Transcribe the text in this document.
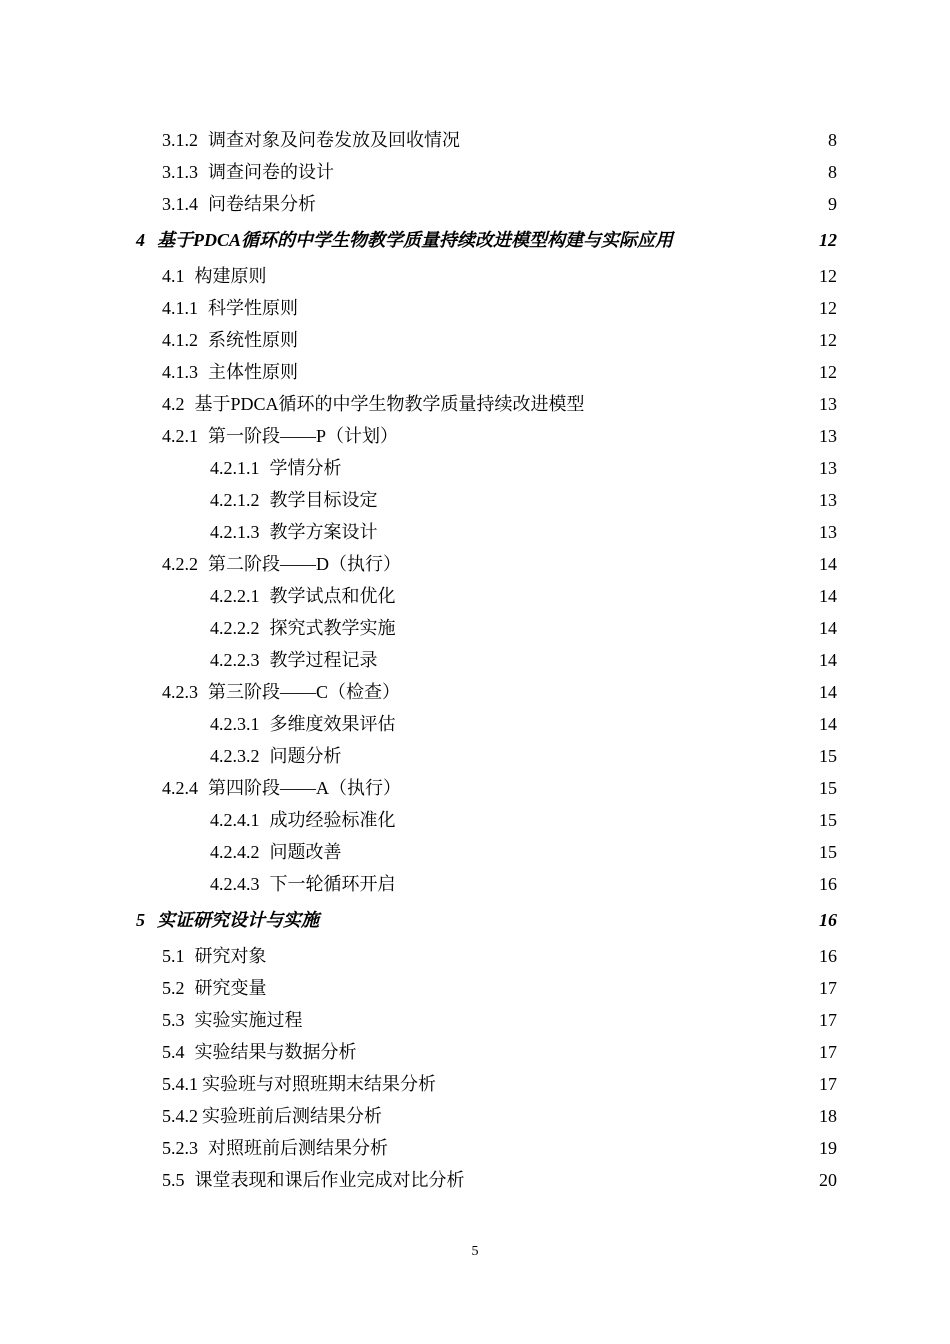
3.1.2 调查对象及问卷发放及回收情况	8
3.1.3 调查问卷的设计	8
3.1.4 问卷结果分析	9
4 基于PDCA循环的中学生物教学质量持续改进模型构建与实际应用	12
4.1 构建原则	12
4.1.1 科学性原则	12
4.1.2 系统性原则	12
4.1.3 主体性原则	12
4.2 基于PDCA循环的中学生物教学质量持续改进模型	13
4.2.1 第一阶段——P（计划）	13
4.2.1.1 学情分析	13
4.2.1.2 教学目标设定	13
4.2.1.3 教学方案设计	13
4.2.2 第二阶段——D（执行）	14
4.2.2.1 教学试点和优化	14
4.2.2.2 探究式教学实施	14
4.2.2.3 教学过程记录	14
4.2.3 第三阶段——C（检查）	14
4.2.3.1 多维度效果评估	14
4.2.3.2 问题分析	15
4.2.4 第四阶段——A（执行）	15
4.2.4.1 成功经验标准化	15
4.2.4.2 问题改善	15
4.2.4.3 下一轮循环开启	16
5 实证研究设计与实施	16
5.1 研究对象	16
5.2 研究变量	17
5.3 实验实施过程	17
5.4 实验结果与数据分析	17
5.4.1 实验班与对照班期末结果分析	17
5.4.2 实验班前后测结果分析	18
5.2.3 对照班前后测结果分析	19
5.5 课堂表现和课后作业完成对比分析	20
5
